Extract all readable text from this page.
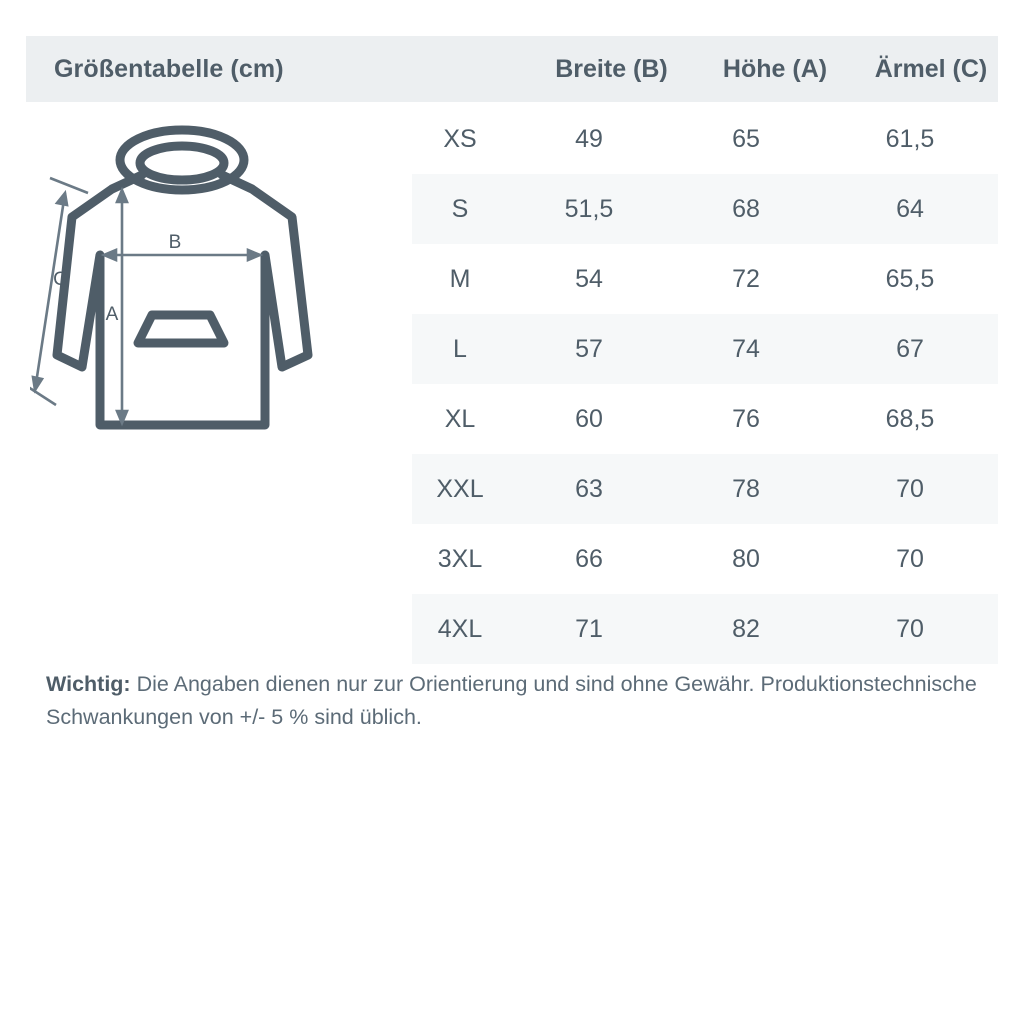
Größentabelle (cm)	Breite (B)	Höhe (A)	Ärmel (C)
B
A
C
XS	49	65	61,5
S	51,5	68	64
M	54	72	65,5
L	57	74	67
XL	60	76	68,5
XXL	63	78	70
3XL	66	80	70
4XL	71	82	70
Wichtig: Die Angaben dienen nur zur Orientierung und sind ohne Gewähr. Produktionstechnische Schwankungen von +/- 5 % sind üblich.
